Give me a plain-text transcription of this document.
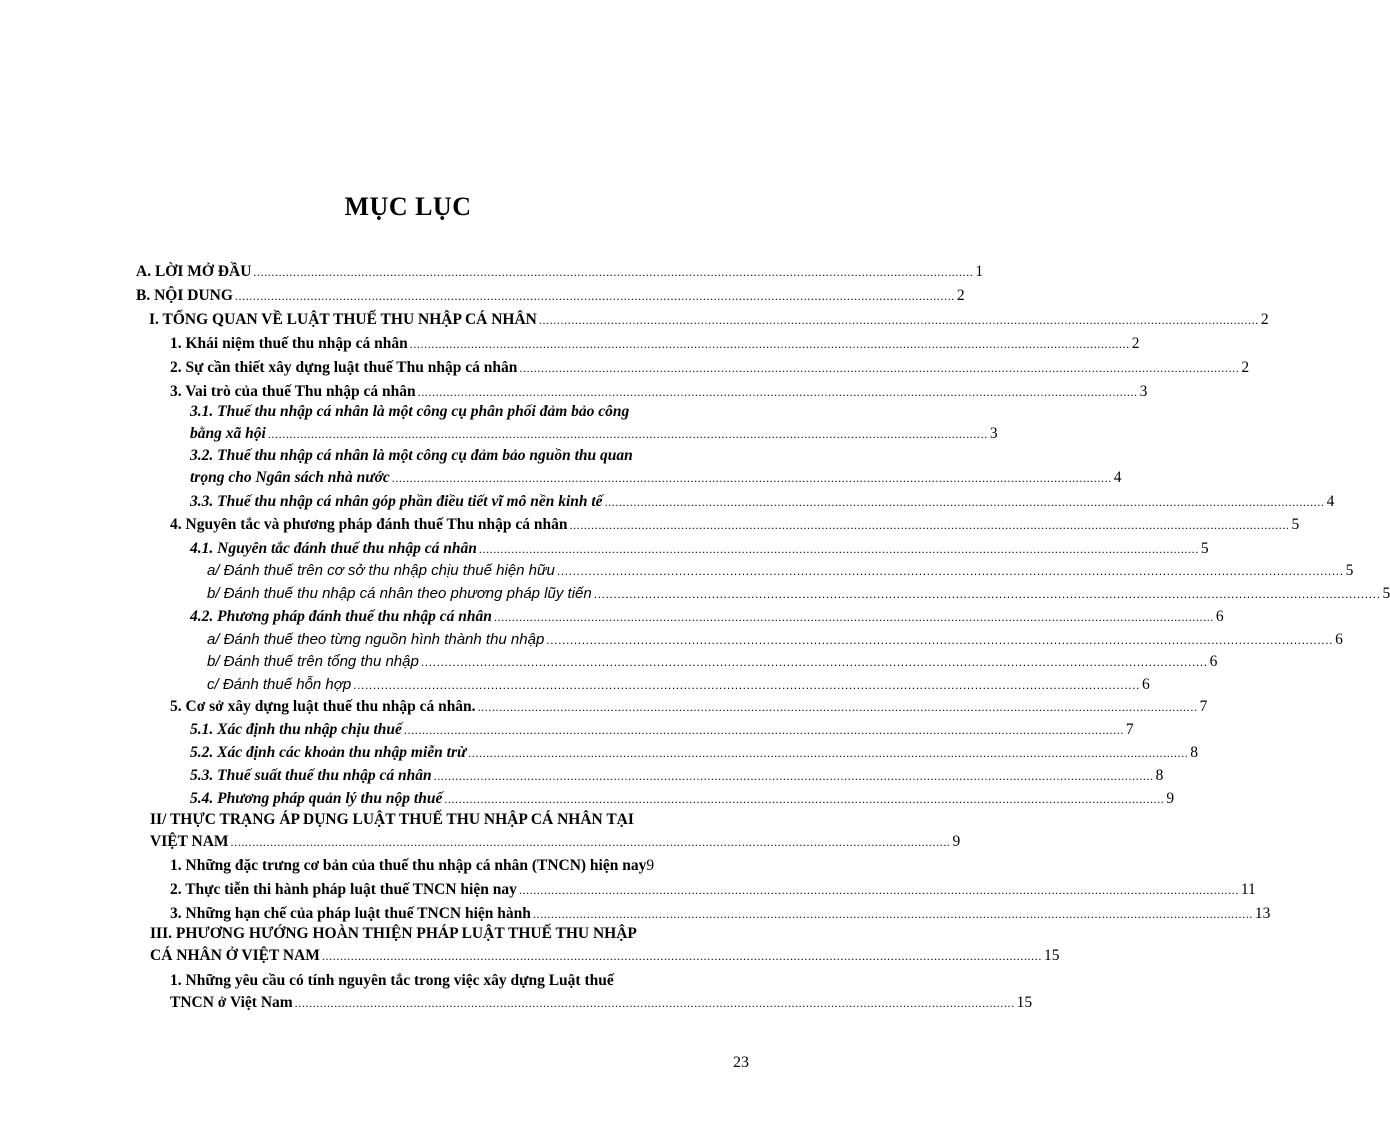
MỤC LỤC
A. LỜI MỞ ĐẦU ........................................................................................................................................................................................................ 1
B. NỘI DUNG ........................................................................................................................................................................................................ 2
I. TỔNG QUAN VỀ LUẬT THUẾ THU NHẬP CÁ NHÂN ........................................................................................................................................................................................................ 2
1. Khái niệm thuế thu nhập cá nhân ........................................................................................................................................................................................................ 2
2. Sự cần thiết xây dựng luật thuế Thu nhập cá nhân ........................................................................................................................................................................................................ 2
3. Vai trò của thuế Thu nhập cá nhân ........................................................................................................................................................................................................ 3
3.1. Thuế thu nhập cá nhân là một công cụ phân phối đảm bảo công
bằng xã hội ........................................................................................................................................................................................................ 3
3.2. Thuế thu nhập cá nhân là một công cụ đảm bảo nguồn thu quan
trọng cho Ngân sách nhà nước ........................................................................................................................................................................................................ 4
3.3. Thuế thu nhập cá nhân góp phần điều tiết vĩ mô nền kinh tế ........................................................................................................................................................................................................ 4
4. Nguyên tắc và phương pháp đánh thuế Thu nhập cá nhân ........................................................................................................................................................................................................ 5
4.1. Nguyên tắc đánh thuế thu nhập cá nhân ........................................................................................................................................................................................................ 5
a/ Đánh thuế trên cơ sở thu nhập chịu thuế hiện hữu ........................................................................................................................................................................................................ 5
b/ Đánh thuế thu nhập cá nhân theo phương pháp lũy tiến ........................................................................................................................................................................................................ 5
4.2. Phương pháp đánh thuế thu nhập cá nhân ........................................................................................................................................................................................................ 6
a/ Đánh thuế theo từng nguồn hình thành thu nhập ........................................................................................................................................................................................................ 6
b/ Đánh thuế trên tổng thu nhập ........................................................................................................................................................................................................ 6
c/ Đánh thuế hỗn hợp ........................................................................................................................................................................................................ 6
5. Cơ sở xây dựng luật thuế thu nhập cá nhân. ........................................................................................................................................................................................................ 7
5.1. Xác định thu nhập chịu thuế ........................................................................................................................................................................................................ 7
5.2. Xác định các khoản thu nhập miễn trừ ........................................................................................................................................................................................................ 8
5.3. Thuế suất thuế thu nhập cá nhân ........................................................................................................................................................................................................ 8
5.4. Phương pháp quản lý thu nộp thuế ........................................................................................................................................................................................................ 9
II/ THỰC TRẠNG ÁP DỤNG LUẬT THUẾ THU NHẬP CÁ NHÂN TẠI
VIỆT NAM ........................................................................................................................................................................................................ 9
1. Những đặc trưng cơ bản của thuế thu nhập cá nhân (TNCN) hiện nay 9
2. Thực tiễn thi hành pháp luật thuế TNCN hiện nay ........................................................................................................................................................................................................ 11
3. Những hạn chế của pháp luật thuế TNCN hiện hành ........................................................................................................................................................................................................ 13
III. PHƯƠNG HƯỚNG HOÀN THIỆN PHÁP LUẬT THUẾ THU NHẬP
CÁ NHÂN Ở VIỆT NAM ........................................................................................................................................................................................................ 15
1. Những yêu cầu có tính nguyên tắc trong việc xây dựng Luật thuế
TNCN ở Việt Nam ........................................................................................................................................................................................................ 15
23
